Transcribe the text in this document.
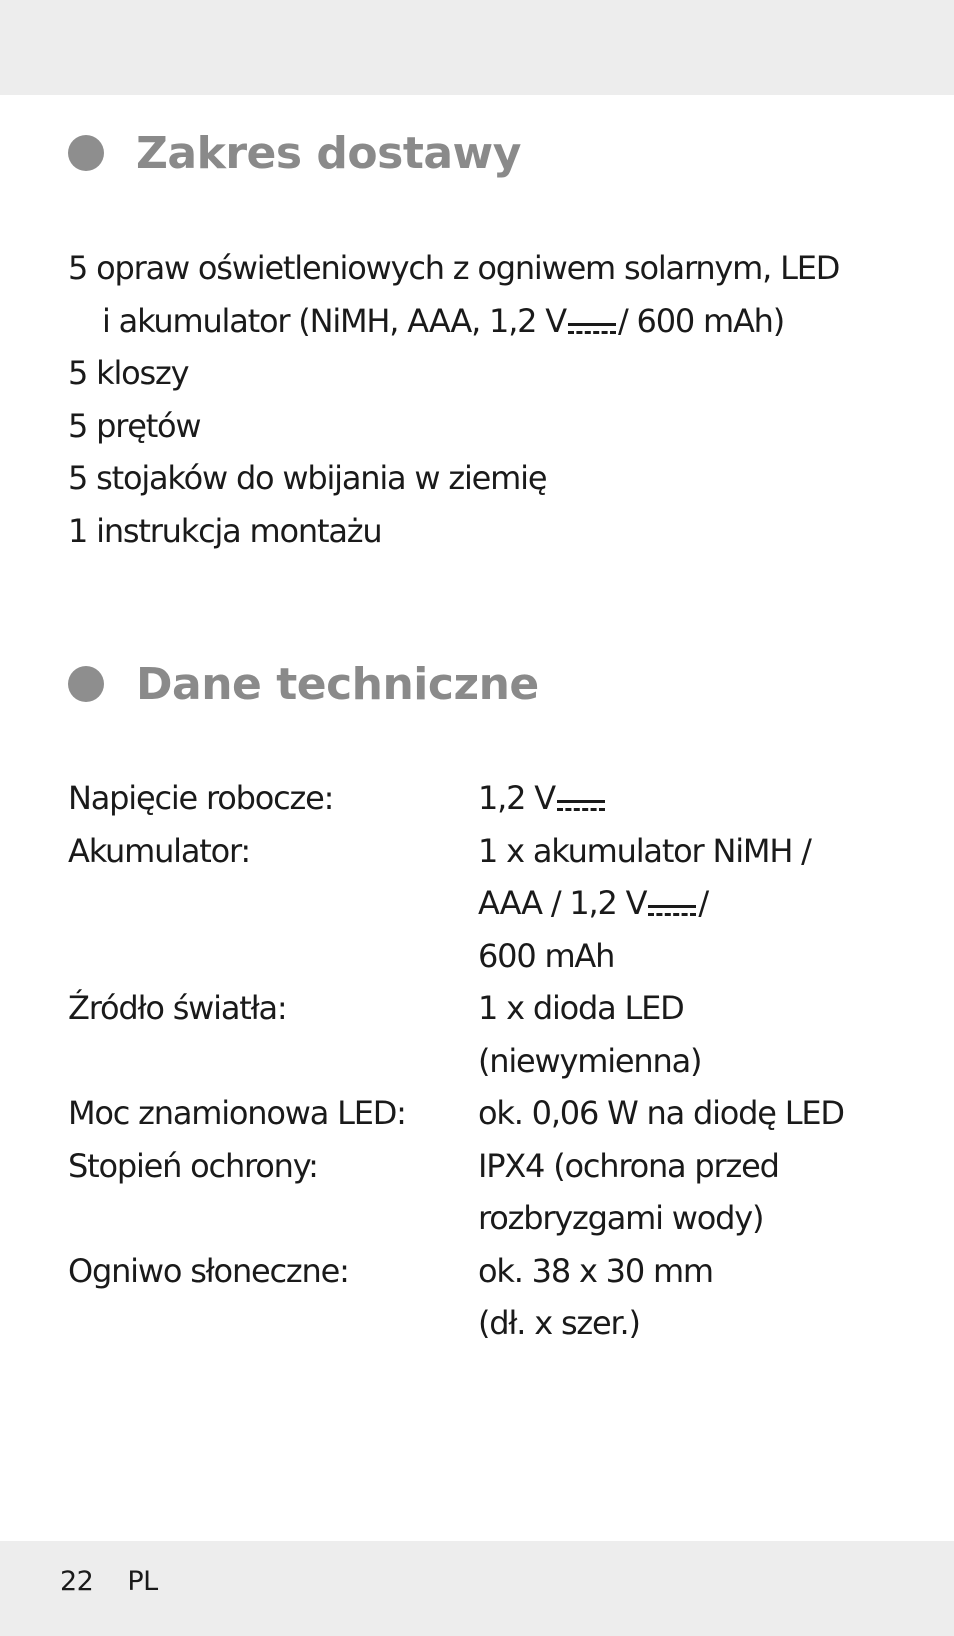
Zakres dostawy
5 opraw oświetleniowych z ogniwem solarnym, LED
i akumulator (NiMH, AAA, 1,2 V / 600 mAh)
5 kloszy
5 prętów
5 stojaków do wbijania w ziemię
1 instrukcja montażu
Dane techniczne
Napięcie robocze:	1,2 V
Akumulator:	1 x akumulator NiMH /
AAA / 1,2 V /
600 mAh
Źródło światła:	1 x dioda LED
(niewymienna)
Moc znamionowa LED:	ok. 0,06 W na diodę LED
Stopień ochrony:	IPX4 (ochrona przed
rozbryzgami wody)
Ogniwo słoneczne:	ok. 38 x 30 mm
(dł. x szer.)
22 PL
